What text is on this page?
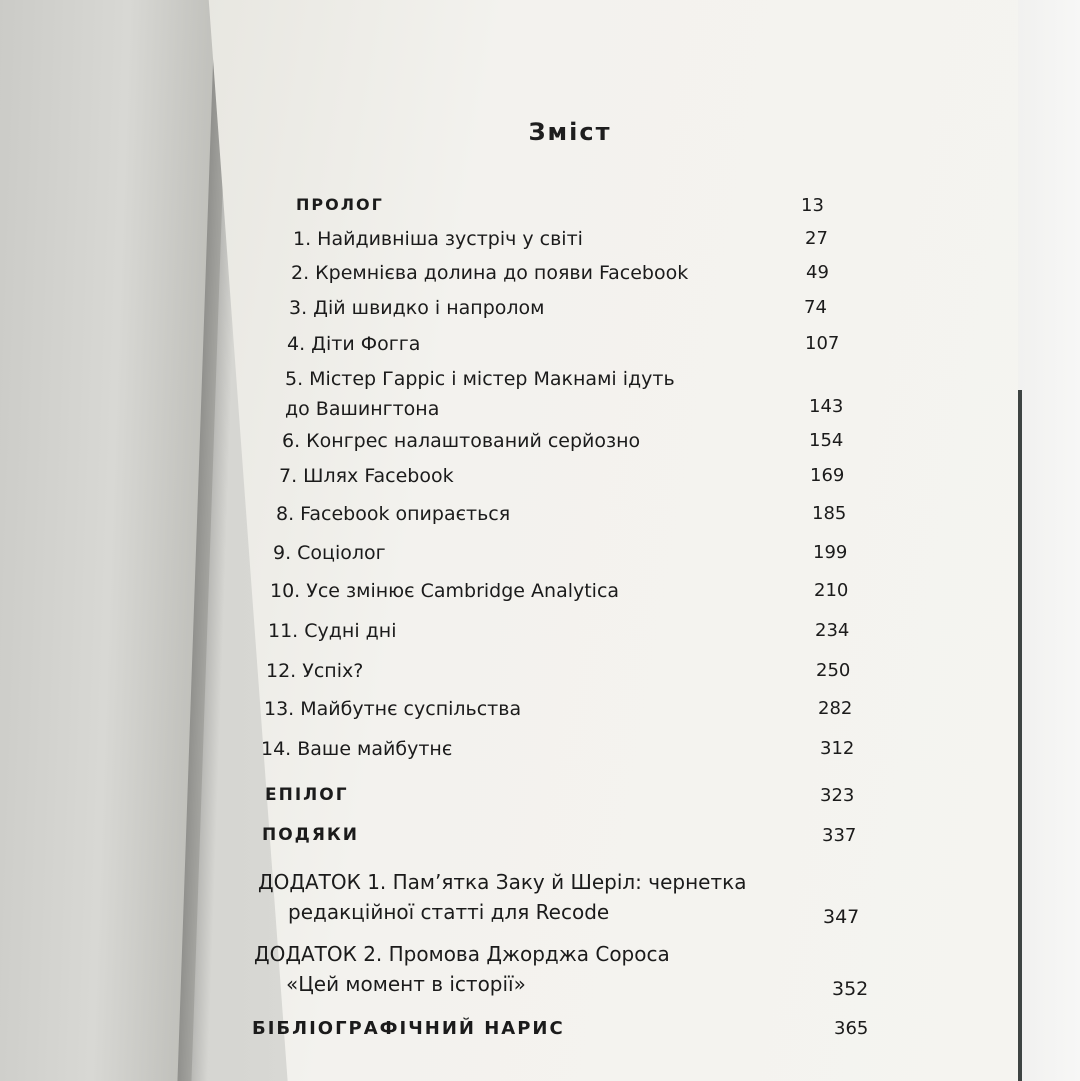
Зміст
ПРОЛОГ	13
1. Найдивніша зустріч у світі	27
2. Кремнієва долина до появи Facebook	49
3. Дій швидко і напролом	74
4. Діти Фогга	107
5. Містер Гарріс і містер Макнамі ідуть
до Вашингтона	143
6. Конгрес налаштований серйозно	154
7. Шлях Facebook	169
8. Facebook опирається	185
9. Соціолог	199
10. Усе змінює Cambridge Analytica	210
11. Судні дні	234
12. Успіх?	250
13. Майбутнє суспільства	282
14. Ваше майбутнє	312
ЕПІЛОГ	323
ПОДЯКИ	337
ДОДАТОК 1. Пам’ятка Заку й Шеріл: чернетка
редакційної статті для Recode	347
ДОДАТОК 2. Промова Джорджа Сороса
«Цей момент в історії»	352
БІБЛІОГРАФІЧНИЙ НАРИС	365
